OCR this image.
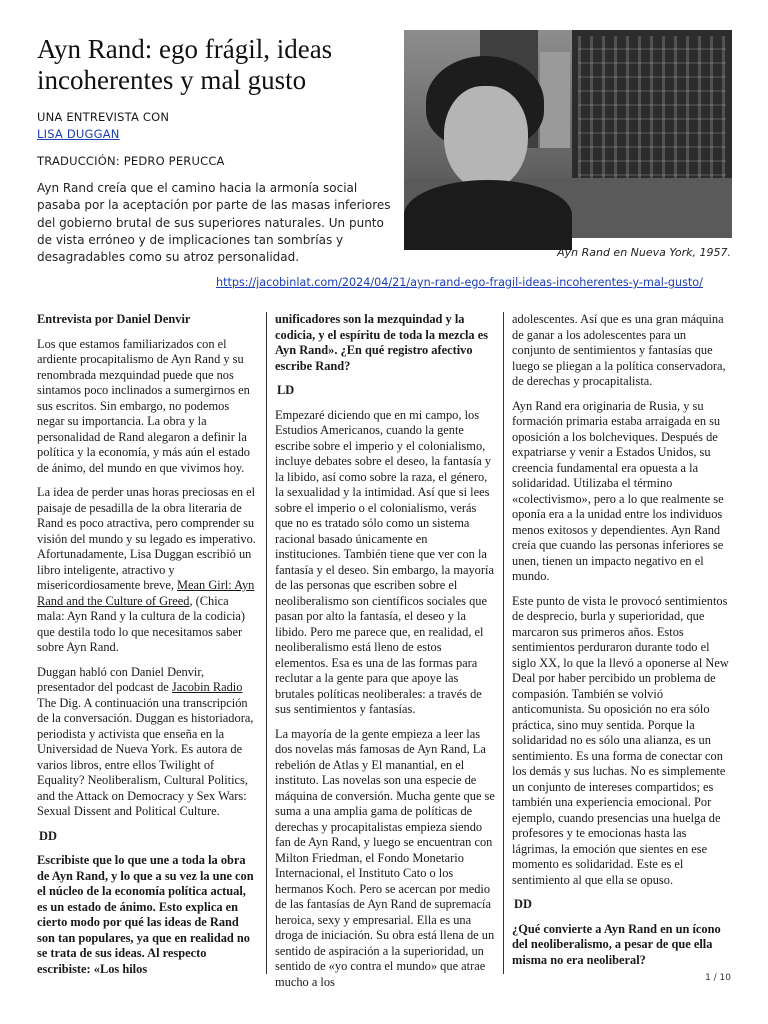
Ayn Rand: ego frágil, ideas incoherentes y mal gusto

UNA ENTREVISTA CON

LISA DUGGAN

TRADUCCIÓN: PEDRO PERUCCA

Ayn Rand creía que el camino hacia la armonía social pasaba por la aceptación por parte de las masas inferiores del gobierno brutal de sus superiores naturales. Un punto de vista erróneo y de implicaciones tan sombrías y desagradables como su atroz personalidad.	Ayn Rand en Nueva York, 1957.

https://jacobinlat.com/2024/04/21/ayn-rand-ego-fragil-ideas-incoherentes-y-mal-gusto/

Entrevista por Daniel Denvir

Los que estamos familiarizados con el ardiente procapitalismo de Ayn Rand y su renombrada mezquindad puede que nos sintamos poco inclinados a sumergirnos en sus escritos. Sin embargo, no podemos negar su importancia. La obra y la personalidad de Rand alegaron a definir la política y la economía, y más aún el estado de ánimo, del mundo en que vivimos hoy.

La idea de perder unas horas preciosas en el paisaje de pesadilla de la obra literaria de Rand es poco atractiva, pero comprender su visión del mundo y su legado es imperativo. Afortunadamente, Lisa Duggan escribió un libro inteligente, atractivo y misericordiosamente breve, Mean Girl: Ayn Rand and the Culture of Greed, (Chica mala: Ayn Rand y la cultura de la codicia) que destila todo lo que necesitamos saber sobre Ayn Rand.

Duggan habló con Daniel Denvir, presentador del podcast de Jacobin Radio The Dig. A continuación una transcripción de la conversación. Duggan es historiadora, periodista y activista que enseña en la Universidad de Nueva York. Es autora de varios libros, entre ellos Twilight of Equality? Neoliberalism, Cultural Politics, and the Attack on Democracy y Sex Wars: Sexual Dissent and Political Culture.

DD

Escribiste que lo que une a toda la obra de Ayn Rand, y lo que a su vez la une con el núcleo de la economía política actual, es un estado de ánimo. Esto explica en cierto modo por qué las ideas de Rand son tan populares, ya que en realidad no se trata de sus ideas. Al respecto escribiste: «Los hilos

unificadores son la mezquindad y la codicia, y el espíritu de toda la mezcla es Ayn Rand». ¿En qué registro afectivo escribe Rand?

LD

Empezaré diciendo que en mi campo, los Estudios Americanos, cuando la gente escribe sobre el imperio y el colonialismo, incluye debates sobre el deseo, la fantasía y la libido, así como sobre la raza, el género, la sexualidad y la intimidad. Así que si lees sobre el imperio o el colonialismo, verás que no es tratado sólo como un sistema racional basado únicamente en instituciones. También tiene que ver con la fantasía y el deseo. Sin embargo, la mayoría de las personas que escriben sobre el neoliberalismo son científicos sociales que pasan por alto la fantasía, el deseo y la libido. Pero me parece que, en realidad, el neoliberalismo está lleno de estos elementos. Esa es una de las formas para reclutar a la gente para que apoye las brutales políticas neoliberales: a través de sus sentimientos y fantasías.

La mayoría de la gente empieza a leer las dos novelas más famosas de Ayn Rand, La rebelión de Atlas y El manantial, en el instituto. Las novelas son una especie de máquina de conversión. Mucha gente que se suma a una amplia gama de políticas de derechas y procapitalistas empieza siendo fan de Ayn Rand, y luego se encuentran con Milton Friedman, el Fondo Monetario Internacional, el Instituto Cato o los hermanos Koch. Pero se acercan por medio de las fantasías de Ayn Rand de supremacía heroica, sexy y empresarial. Ella es una droga de iniciación. Su obra está llena de un sentido de aspiración a la superioridad, un sentido de «yo contra el mundo» que atrae mucho a los

adolescentes. Así que es una gran máquina de ganar a los adolescentes para un conjunto de sentimientos y fantasías que luego se pliegan a la política conservadora, de derechas y procapitalista.

Ayn Rand era originaria de Rusia, y su formación primaria estaba arraigada en su oposición a los bolcheviques. Después de expatriarse y venir a Estados Unidos, su creencia fundamental era opuesta a la solidaridad. Utilizaba el término «colectivismo», pero a lo que realmente se oponía era a la unidad entre los individuos menos exitosos y dependientes. Ayn Rand creía que cuando las personas inferiores se unen, tienen un impacto negativo en el mundo.

Este punto de vista le provocó sentimientos de desprecio, burla y superioridad, que marcaron sus primeros años. Estos sentimientos perduraron durante todo el siglo XX, lo que la llevó a oponerse al New Deal por haber percibido un problema de compasión. También se volvió anticomunista. Su oposición no era sólo práctica, sino muy sentida. Porque la solidaridad no es sólo una alianza, es un sentimiento. Es una forma de conectar con los demás y sus luchas. No es simplemente un conjunto de intereses compartidos; es también una experiencia emocional. Por ejemplo, cuando presencias una huelga de profesores y te emocionas hasta las lágrimas, la emoción que sientes en ese momento es solidaridad. Este es el sentimiento al que ella se opuso.

DD

¿Qué convierte a Ayn Rand en un ícono del neoliberalismo, a pesar de que ella misma no era neoliberal?

1 / 10
